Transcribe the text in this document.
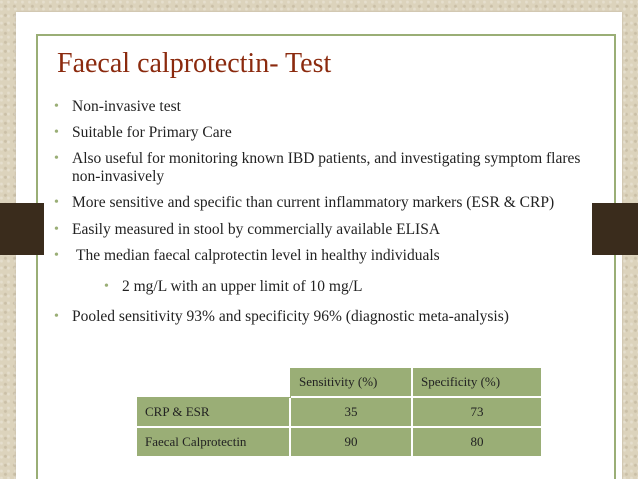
Faecal calprotectin- Test
• Non-invasive test
• Suitable for Primary Care
• Also useful for monitoring known IBD patients, and investigating symptom flares non-invasively
• More sensitive and specific than current inflammatory markers (ESR & CRP)
• Easily measured in stool by commercially available ELISA
• The median faecal calprotectin level in healthy individuals
• 2 mg/L with an upper limit of 10 mg/L
• Pooled sensitivity 93% and specificity 96% (diagnostic meta-analysis)
	Sensitivity (%)	Specificity (%)
CRP & ESR	35	73
Faecal Calprotectin	90	80
